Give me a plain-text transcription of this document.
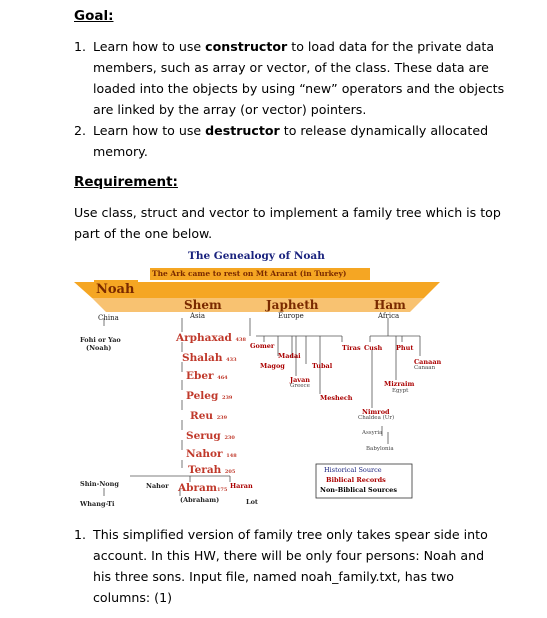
Goal:
1. Learn how to use constructor to load data for the private data members, such as array or vector, of the class. These data are loaded into the objects by using “new” operators and the objects are linked by the array (or vector) pointers.
2. Learn how to use destructor to release dynamically allocated memory.
Requirement:
Use class, struct and vector to implement a family tree which is top part of the one below.
The Genealogy of Noah
The Ark came to rest on Mt Ararat (in Turkey)
Noah
China
Shem
Asia
Japheth
Europe
Ham
Africa
Fohi or Yao
(Noah)
Arphaxad 438
Shalah 433
Eber 464
Peleg 239
Reu 239
Serug 230
Nahor 148
Terah 205
Gomer
Madai
Magog	Tubal
Javan
Greece
Meshech
Tiras Cush Phut
Canaan
Canaan
Mizraim
Egypt
Nimrod
Chaldea (Ur)
Assyria
Babylonia
Shin-Nong
Whang-Ti
Nahor Abram175
(Abraham)
Haran
Lot
Historical Source
Biblical Records
Non-Biblical Sources
1. This simplified version of family tree only takes spear side into account. In this HW, there will be only four persons: Noah and his three sons. Input file, named noah_family.txt, has two columns: (1)
